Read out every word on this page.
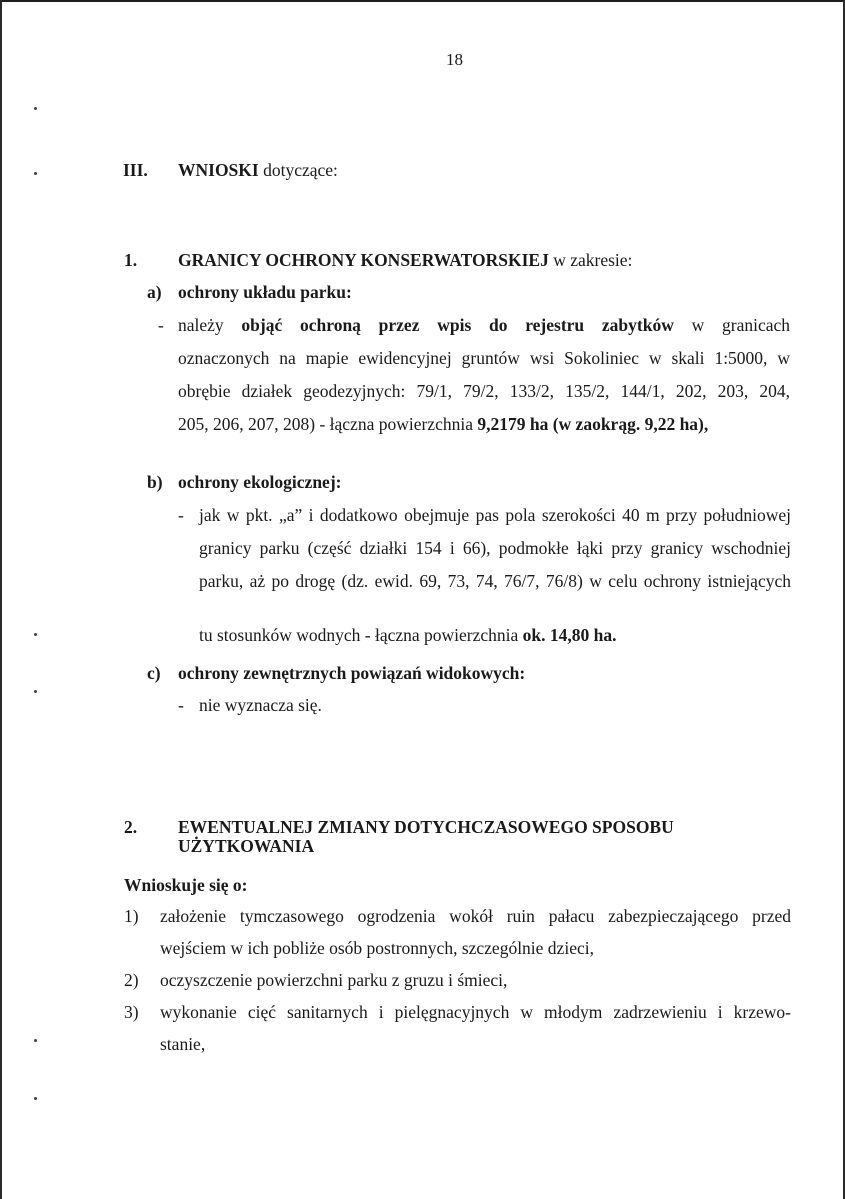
18
III. WNIOSKI dotyczące:
1. GRANICY OCHRONY KONSERWATORSKIEJ w zakresie:
a) ochrony układu parku:
- należy objąć ochroną przez wpis do rejestru zabytków w granicach
oznaczonych na mapie ewidencyjnej gruntów wsi Sokoliniec w skali 1:5000, w
obrębie działek geodezyjnych: 79/1, 79/2, 133/2, 135/2, 144/1, 202, 203, 204,
205, 206, 207, 208) - łączna powierzchnia 9,2179 ha (w zaokrąg. 9,22 ha),
b) ochrony ekologicznej:
- jak w pkt. „a” i dodatkowo obejmuje pas pola szerokości 40 m przy południowej
granicy parku (część działki 154 i 66), podmokłe łąki przy granicy wschodniej
parku, aż po drogę (dz. ewid. 69, 73, 74, 76/7, 76/8) w celu ochrony istniejących
tu stosunków wodnych - łączna powierzchnia ok. 14,80 ha.
c) ochrony zewnętrznych powiązań widokowych:
- nie wyznacza się.
2. EWENTUALNEJ ZMIANY DOTYCHCZASOWEGO SPOSOBU
UŻYTKOWANIA
Wnioskuje się o:
1) założenie tymczasowego ogrodzenia wokół ruin pałacu zabezpieczającego przed
wejściem w ich pobliże osób postronnych, szczególnie dzieci,
2) oczyszczenie powierzchni parku z gruzu i śmieci,
3) wykonanie cięć sanitarnych i pielęgnacyjnych w młodym zadrzewieniu i krzewo-
stanie,
